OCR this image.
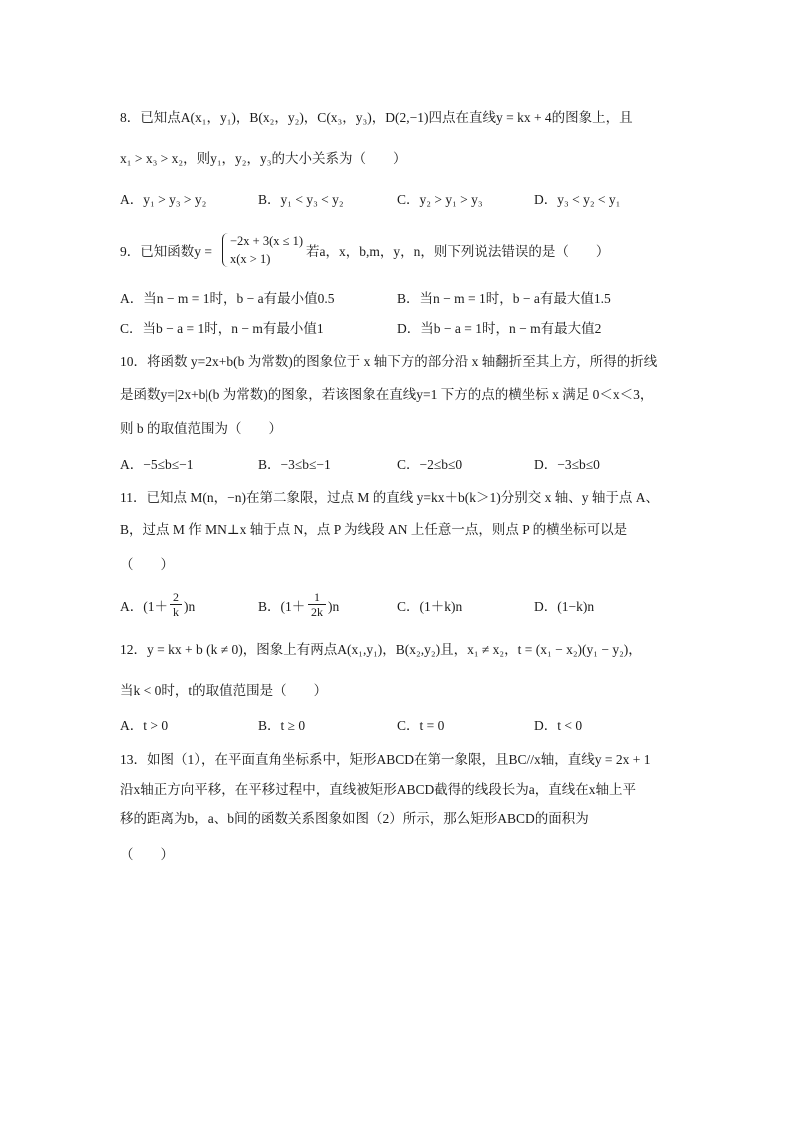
8．已知点A(x₁，y₁)，B(x₂，y₂)，C(x₃，y₃)，D(2,−1)四点在直线y = kx + 4的图象上，且
x₁ > x₃ > x₂，则y₁，y₂，y₃的大小关系为（　　）
A．y₁ > y₃ > y₂	B．y₁ < y₃ < y₂	C．y₂ > y₁ > y₃	D．y₃ < y₂ < y₁
9．已知函数y =
−2x + 3(x ≤ 1)
x(x > 1)	若a，x，b,m，y，n，则下列说法错误的是（　　）
A．当n − m = 1时，b − a有最小值0.5	B．当n − m = 1时，b − a有最大值1.5
C．当b − a = 1时，n − m有最小值1	D．当b − a = 1时，n − m有最大值2
10．将函数 y=2x+b(b 为常数)的图象位于 x 轴下方的部分沿 x 轴翻折至其上方，所得的折线
是函数y=|2x+b|(b 为常数)的图象，若该图象在直线y=1 下方的点的横坐标 x 满足 0＜x＜3，
则 b 的取值范围为（　　）
A．−5≤b≤−1	B．−3≤b≤−1	C．−2≤b≤0	D．−3≤b≤0
11．已知点 M(n，−n)在第二象限，过点 M 的直线 y=kx＋b(k＞1)分别交 x 轴、y 轴于点 A、
B，过点 M 作 MN⊥x 轴于点 N，点 P 为线段 AN 上任意一点，则点 P 的横坐标可以是
（　　）
A．$(1+ \frac{2}{k} )n$	B．$(1+ \frac{1}{2k} )n$	C．(1＋k)n	D．(1−k)n
12．y = kx + b (k ≠ 0)，图象上有两点A(x₁,y₁)，B(x₂,y₂)且，x₁ ≠ x₂，t = (x₁ − x₂)(y₁ − y₂)，
当k < 0时，t的取值范围是（　　）
A．t > 0	B．t ≥ 0	C．t = 0	D．t < 0
13．如图（1），在平面直角坐标系中，矩形ABCD在第一象限，且BC//x轴，直线y = 2x + 1
沿x轴正方向平移，在平移过程中，直线被矩形ABCD截得的线段长为a，直线在x轴上平
移的距离为b，a、b间的函数关系图象如图（2）所示，那么矩形ABCD的面积为
（　　）
